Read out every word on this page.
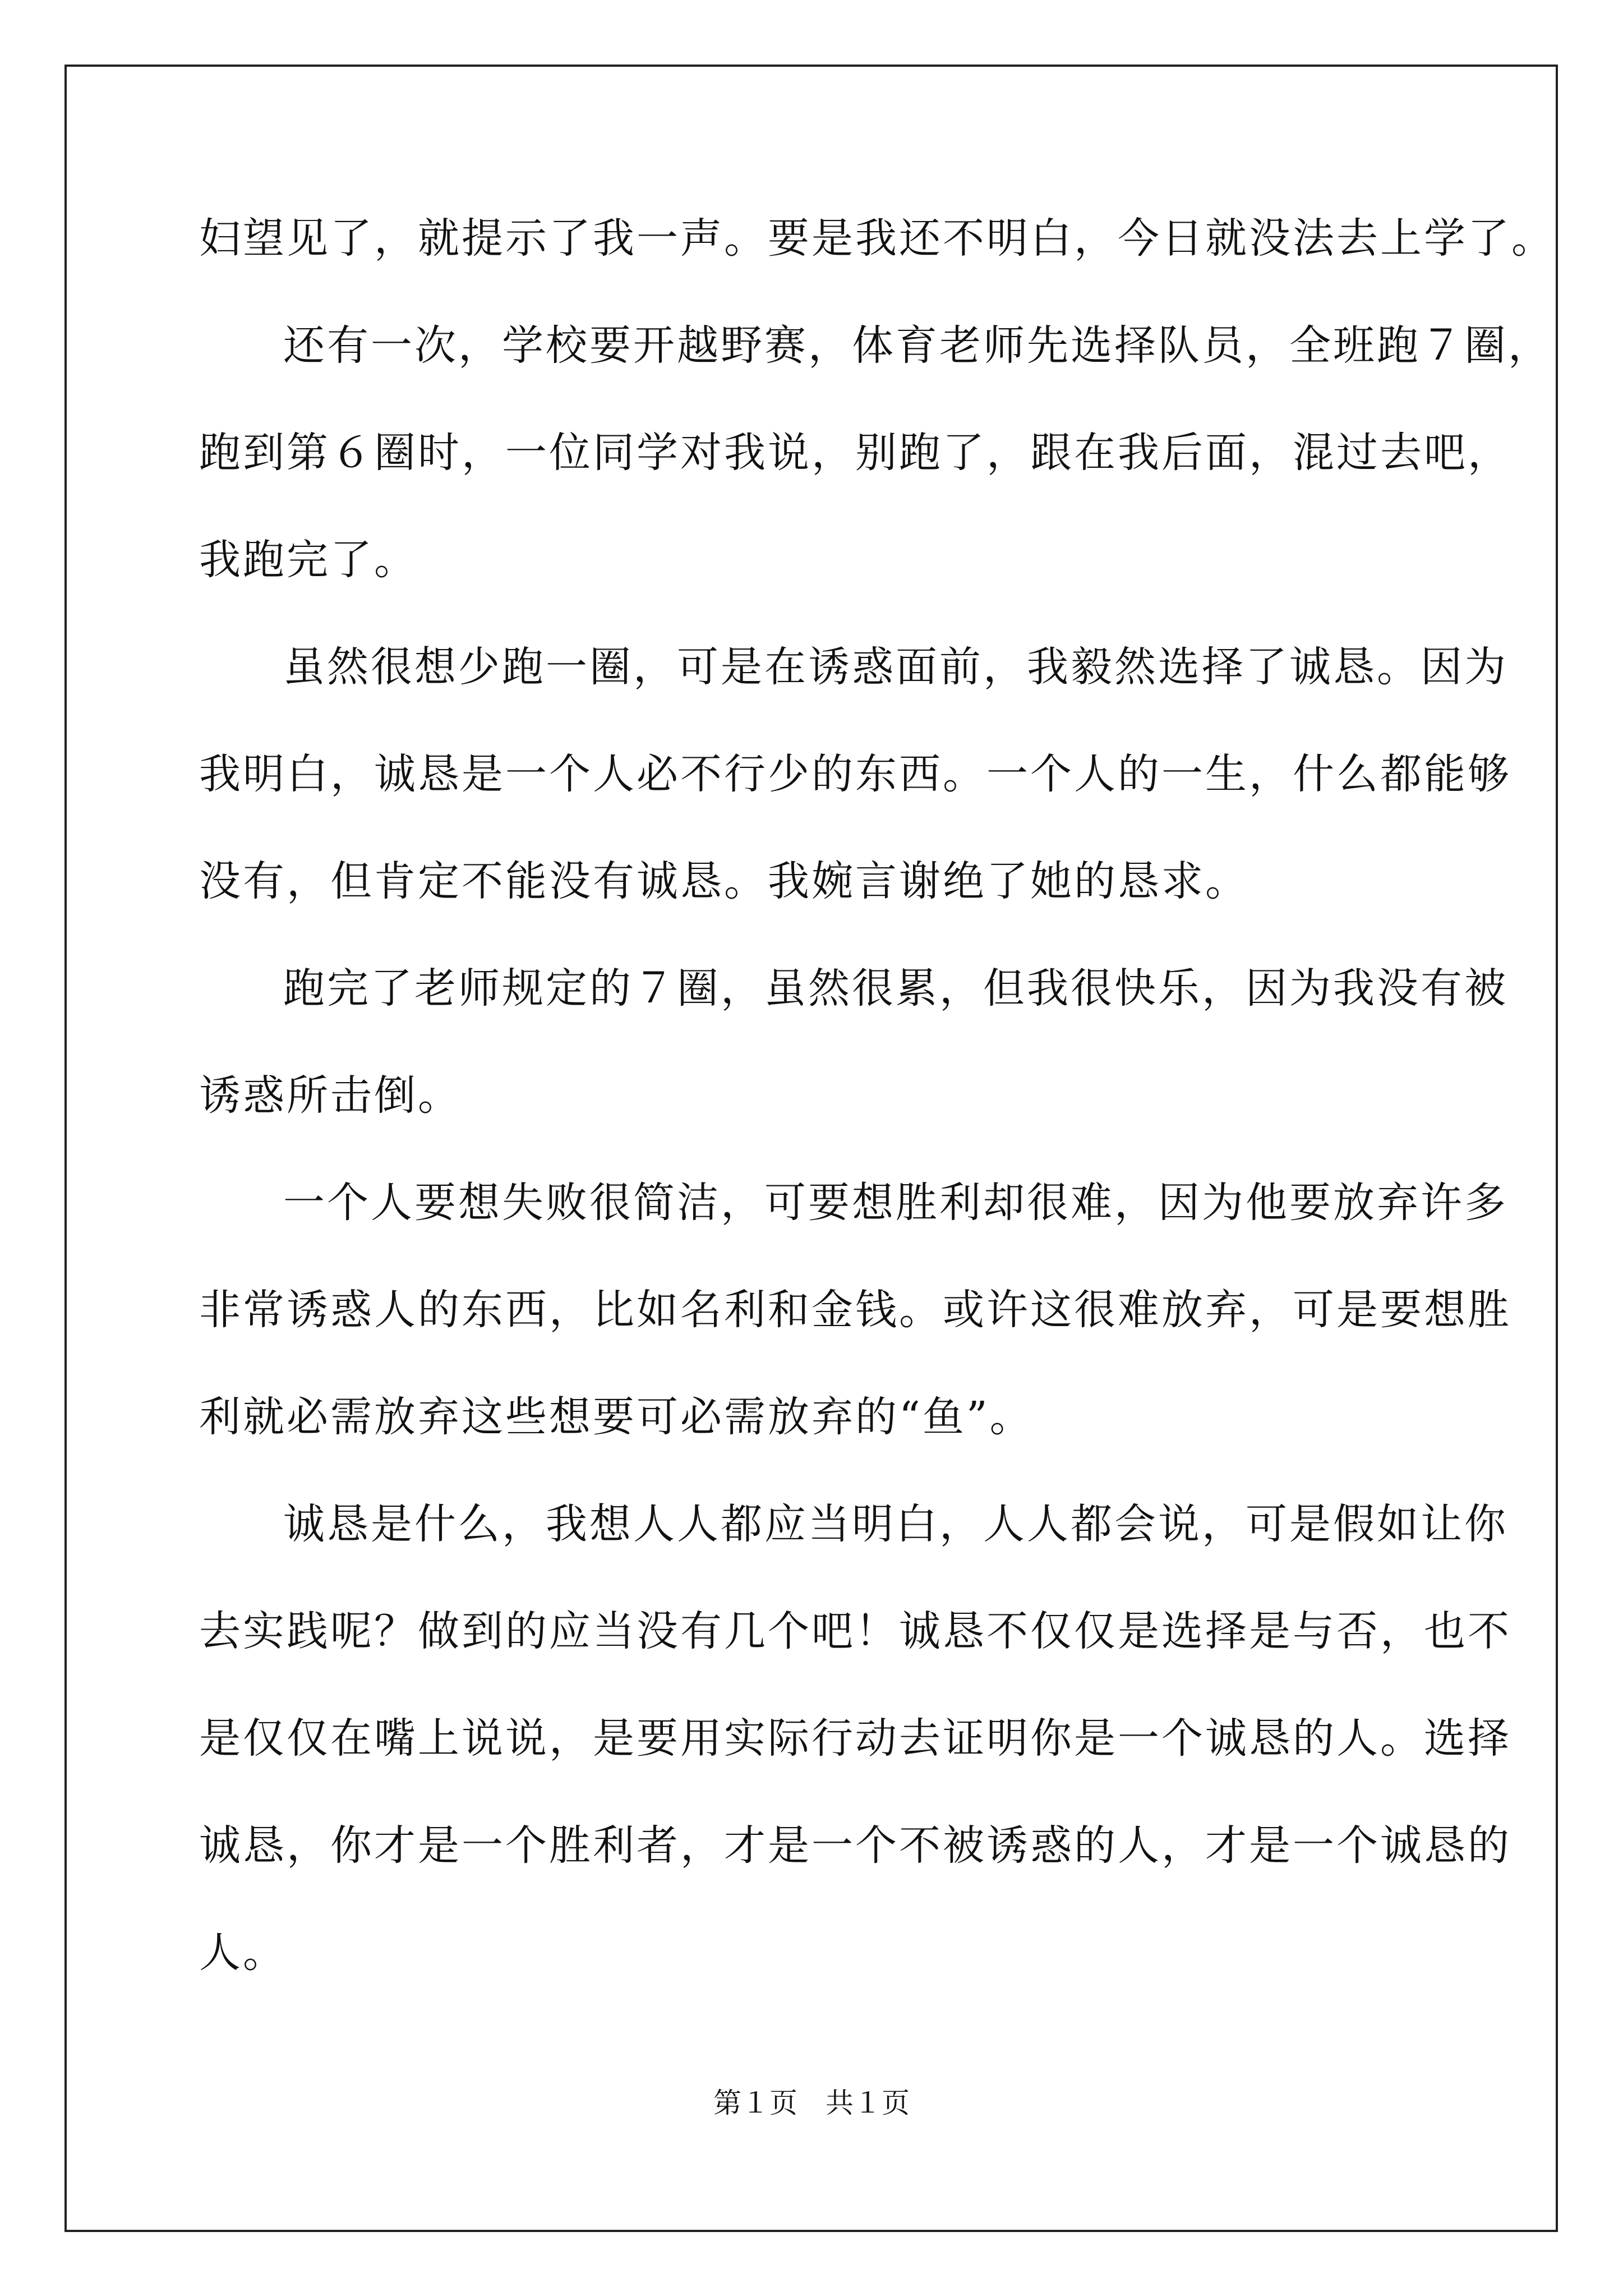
妇望见了，就提示了我一声。要是我还不明白，今日就没法去上学了。
还有一次，学校要开越野赛，体育老师先选择队员，全班跑７圈，
跑到第６圈时，一位同学对我说，别跑了，跟在我后面，混过去吧，
我跑完了。
虽然很想少跑一圈，可是在诱惑面前，我毅然选择了诚恳。因为
我明白，诚恳是一个人必不行少的东西。一个人的一生，什么都能够
没有，但肯定不能没有诚恳。我婉言谢绝了她的恳求。
跑完了老师规定的７圈，虽然很累，但我很快乐，因为我没有被
诱惑所击倒。
一个人要想失败很简洁，可要想胜利却很难，因为他要放弃许多
非常诱惑人的东西，比如名利和金钱。或许这很难放弃，可是要想胜
利就必需放弃这些想要可必需放弃的“鱼”。
诚恳是什么，我想人人都应当明白，人人都会说，可是假如让你
去实践呢？做到的应当没有几个吧！诚恳不仅仅是选择是与否，也不
是仅仅在嘴上说说，是要用实际行动去证明你是一个诚恳的人。选择
诚恳，你才是一个胜利者，才是一个不被诱惑的人，才是一个诚恳的
人。
第１页　共１页
